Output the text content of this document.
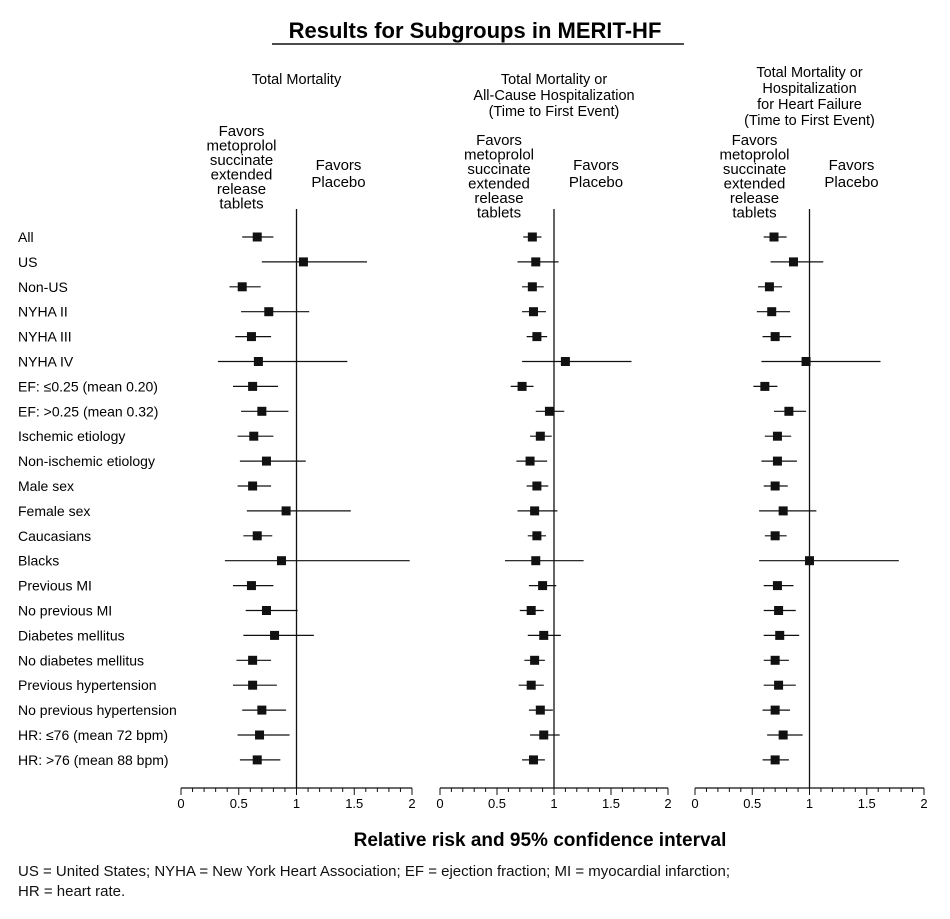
Results for Subgroups in MERIT-HF
All
US
Non-US
NYHA II
NYHA III
NYHA IV
EF: ≤0.25 (mean 0.20)
EF: >0.25 (mean 0.32)
Ischemic etiology
Non-ischemic etiology
Male sex
Female sex
Caucasians
Blacks
Previous MI
No previous MI
Diabetes mellitus
No diabetes mellitus
Previous hypertension
No previous hypertension
HR: ≤76 (mean 72 bpm)
HR: >76 (mean 88 bpm)
Total Mortality
Favors
metoprolol
succinate
extended
release
tablets
Favors
Placebo
0	0.5	1	1.5	2
Total Mortality or
All-Cause Hospitalization
(Time to First Event)
Favors
metoprolol
succinate
extended
release
tablets
Favors
Placebo
0	0.5	1	1.5	2
Total Mortality or
Hospitalization
for Heart Failure
(Time to First Event)
Favors
metoprolol
succinate
extended
release
tablets
Favors
Placebo
0	0.5	1	1.5	2
Relative risk and 95% confidence interval
US = United States; NYHA = New York Heart Association; EF = ejection fraction; MI = myocardial infarction;
HR = heart rate.
